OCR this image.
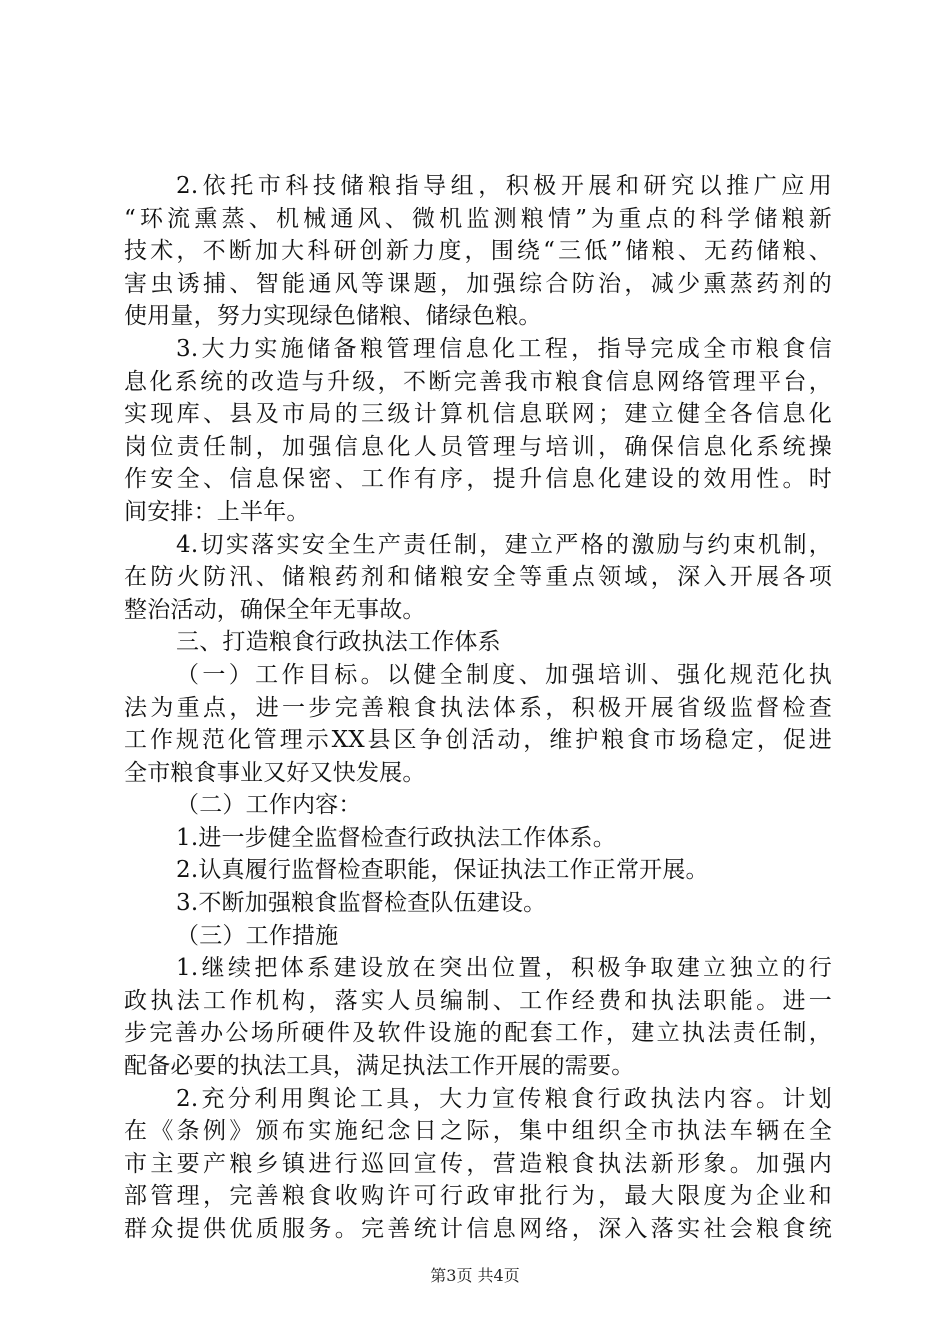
2.依托市科技储粮指导组，积极开展和研究以推广应用
“环流熏蒸、机械通风、微机监测粮情”为重点的科学储粮新
技术，不断加大科研创新力度，围绕“三低”储粮、无药储粮、
害虫诱捕、智能通风等课题，加强综合防治，减少熏蒸药剂的
使用量，努力实现绿色储粮、储绿色粮。
3.大力实施储备粮管理信息化工程，指导完成全市粮食信
息化系统的改造与升级，不断完善我市粮食信息网络管理平台，
实现库、县及市局的三级计算机信息联网；建立健全各信息化
岗位责任制，加强信息化人员管理与培训，确保信息化系统操
作安全、信息保密、工作有序，提升信息化建设的效用性。时
间安排：上半年。
4.切实落实安全生产责任制，建立严格的激励与约束机制，
在防火防汛、储粮药剂和储粮安全等重点领域，深入开展各项
整治活动，确保全年无事故。
三、打造粮食行政执法工作体系
（一）工作目标。以健全制度、加强培训、强化规范化执
法为重点，进一步完善粮食执法体系，积极开展省级监督检查
工作规范化管理示XX县区争创活动，维护粮食市场稳定，促进
全市粮食事业又好又快发展。
（二）工作内容：
1.进一步健全监督检查行政执法工作体系。
2.认真履行监督检查职能，保证执法工作正常开展。
3.不断加强粮食监督检查队伍建设。
（三）工作措施
1.继续把体系建设放在突出位置，积极争取建立独立的行
政执法工作机构，落实人员编制、工作经费和执法职能。进一
步完善办公场所硬件及软件设施的配套工作，建立执法责任制，
配备必要的执法工具，满足执法工作开展的需要。
2.充分利用舆论工具，大力宣传粮食行政执法内容。计划
在《条例》颁布实施纪念日之际，集中组织全市执法车辆在全
市主要产粮乡镇进行巡回宣传，营造粮食执法新形象。加强内
部管理，完善粮食收购许可行政审批行为，最大限度为企业和
群众提供优质服务。完善统计信息网络，深入落实社会粮食统
第3页 共4页
